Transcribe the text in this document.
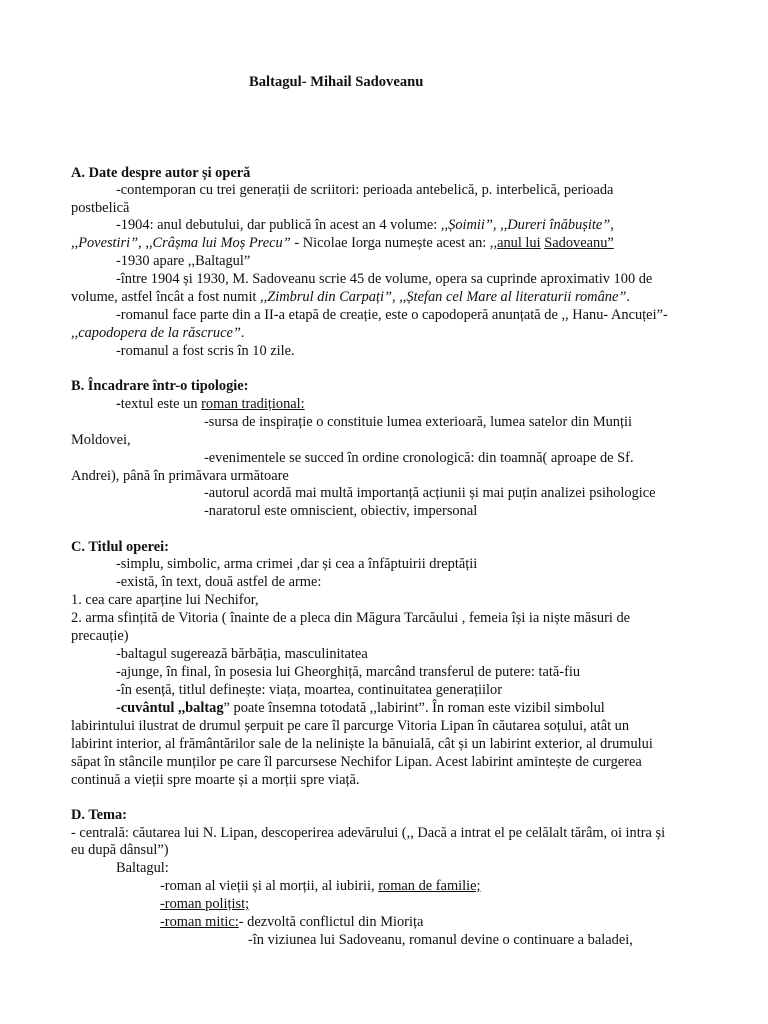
Baltagul- Mihail Sadoveanu
A. Date despre autor și operă
-contemporan cu trei generații de scriitori: perioada antebelică, p. interbelică, perioada
postbelică
-1904: anul debutului, dar publică în acest an 4 volume: ,,Șoimii”, ,,Dureri înăbușite”,
,,Povestiri”, ,,Crâșma lui Moș Precu” - Nicolae Iorga numește acest an: ,,anul lui Sadoveanu”
-1930 apare ,,Baltagul”
-între 1904 și 1930, M. Sadoveanu scrie 45 de volume, opera sa cuprinde aproximativ 100 de
volume, astfel încât a fost numit ,,Zimbrul din Carpați”, ,,Ștefan cel Mare al literaturii române”.
-romanul face parte din a II-a etapă de creație, este o capodoperă anunțată de ,, Hanu- Ancuței”-
,,capodopera de la răscruce”.
-romanul a fost scris în 10 zile.
B. Încadrare într-o tipologie:
-textul este un roman tradițional:
-sursa de inspirație o constituie lumea exterioară, lumea satelor din Munții
Moldovei,
-evenimentele se succed în ordine cronologică: din toamnă( aproape de Sf.
Andrei), până în primăvara următoare
-autorul acordă mai multă importanță acțiunii și mai puțin analizei psihologice
-naratorul este omniscient, obiectiv, impersonal
C. Titlul operei:
-simplu, simbolic, arma crimei ,dar și cea a înfăptuirii dreptății
-există, în text, două astfel de arme:
1. cea care aparține lui Nechifor,
2. arma sfințită de Vitoria ( înainte de a pleca din Măgura Tarcăului , femeia își ia niște măsuri de
precauție)
-baltagul sugerează bărbăția, masculinitatea
-ajunge, în final, în posesia lui Gheorghiță, marcând transferul de putere: tată-fiu
-în esență, titlul definește: viața, moartea, continuitatea generațiilor
-cuvântul ,,baltag” poate însemna totodată ,,labirint”. În roman este vizibil simbolul
labirintului ilustrat de drumul șerpuit pe care îl parcurge Vitoria Lipan în căutarea soțului, atât un
labirint interior, al frământărilor sale de la neliniște la bănuială, cât și un labirint exterior, al drumului
săpat în stâncile munților pe care îl parcursese Nechifor Lipan. Acest labirint amintește de curgerea
continuă a vieții spre moarte și a morții spre viață.
D. Tema:
- centrală: căutarea lui N. Lipan, descoperirea adevărului (,, Dacă a intrat el pe celălalt tărâm, oi intra și
eu după dânsul”)
Baltagul:
-roman al vieții și al morții, al iubirii, roman de familie;
-roman polițist;
-roman mitic:- dezvoltă conflictul din Miorița
-în viziunea lui Sadoveanu, romanul devine o continuare a baladei,
